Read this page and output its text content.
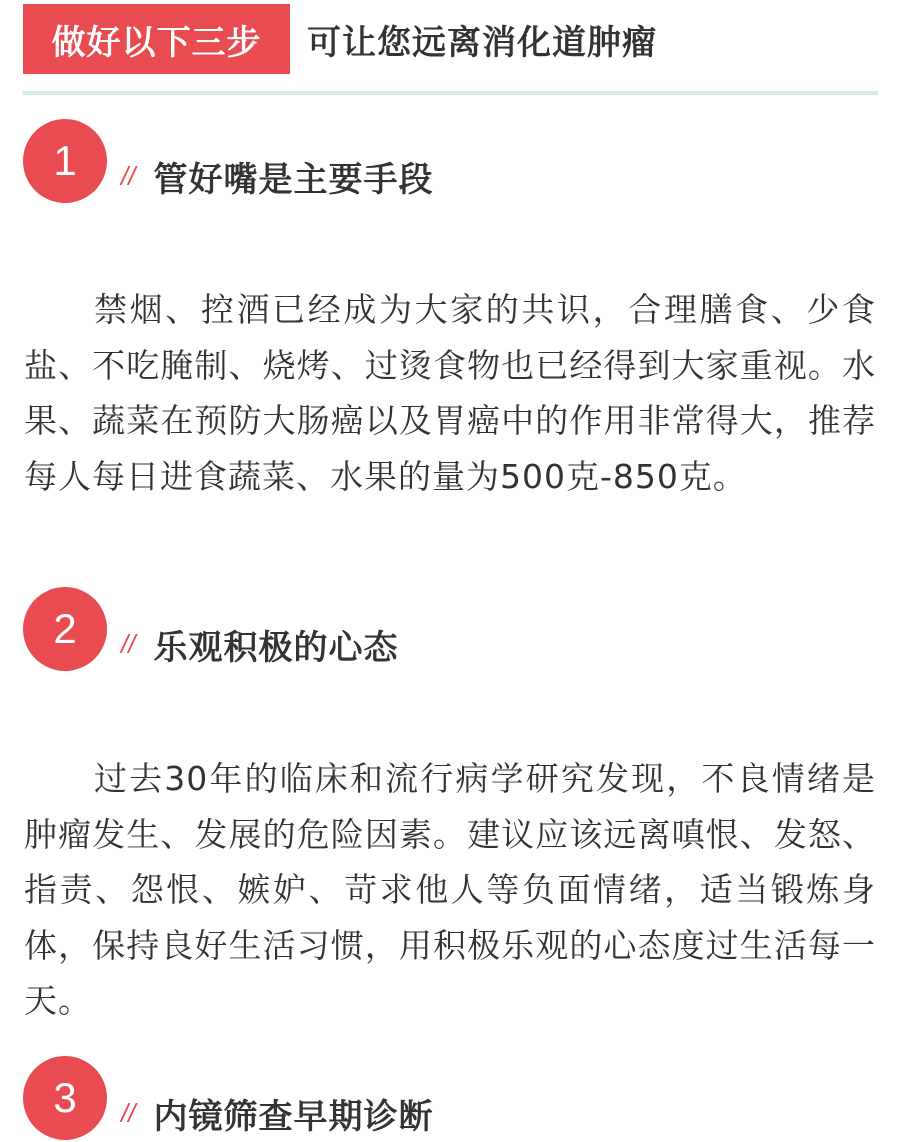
做好以下三步	可让您远离消化道肿瘤
1	// 管好嘴是主要手段

禁烟、控酒已经成为大家的共识，合理膳食、少食盐、不吃腌制、烧烤、过烫食物也已经得到大家重视。水果、蔬菜在预防大肠癌以及胃癌中的作用非常得大，推荐每人每日进食蔬菜、水果的量为500克-850克。

2	// 乐观积极的心态

过去30年的临床和流行病学研究发现，不良情绪是肿瘤发生、发展的危险因素。建议应该远离嗔恨、发怒、指责、怨恨、嫉妒、苛求他人等负面情绪，适当锻炼身体，保持良好生活习惯，用积极乐观的心态度过生活每一天。

3	// 内镜筛查早期诊断
